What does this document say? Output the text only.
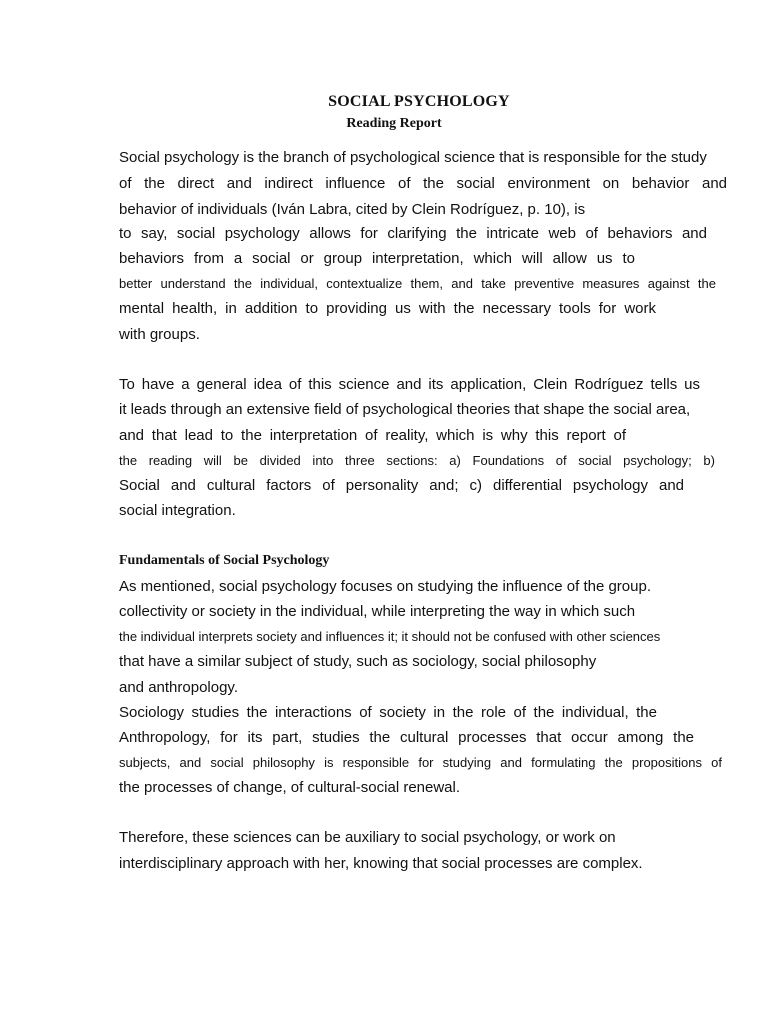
SOCIAL PSYCHOLOGY
Reading Report
Social psychology is the branch of psychological science that is responsible for the study
of the direct and indirect influence of the social environment on behavior and
behavior of individuals (Iván Labra, cited by Clein Rodríguez, p. 10), is
to say, social psychology allows for clarifying the intricate web of behaviors and
behaviors from a social or group interpretation, which will allow us to
better understand the individual, contextualize them, and take preventive measures against the
mental health, in addition to providing us with the necessary tools for work
with groups.
To have a general idea of this science and its application, Clein Rodríguez tells us
it leads through an extensive field of psychological theories that shape the social area,
and that lead to the interpretation of reality, which is why this report of
the reading will be divided into three sections: a) Foundations of social psychology; b)
Social and cultural factors of personality and; c) differential psychology and
social integration.
Fundamentals of Social Psychology
As mentioned, social psychology focuses on studying the influence of the group.
collectivity or society in the individual, while interpreting the way in which such
the individual interprets society and influences it; it should not be confused with other sciences
that have a similar subject of study, such as sociology, social philosophy
and anthropology.
Sociology studies the interactions of society in the role of the individual, the
Anthropology, for its part, studies the cultural processes that occur among the
subjects, and social philosophy is responsible for studying and formulating the propositions of
the processes of change, of cultural-social renewal.
Therefore, these sciences can be auxiliary to social psychology, or work on
interdisciplinary approach with her, knowing that social processes are complex.
